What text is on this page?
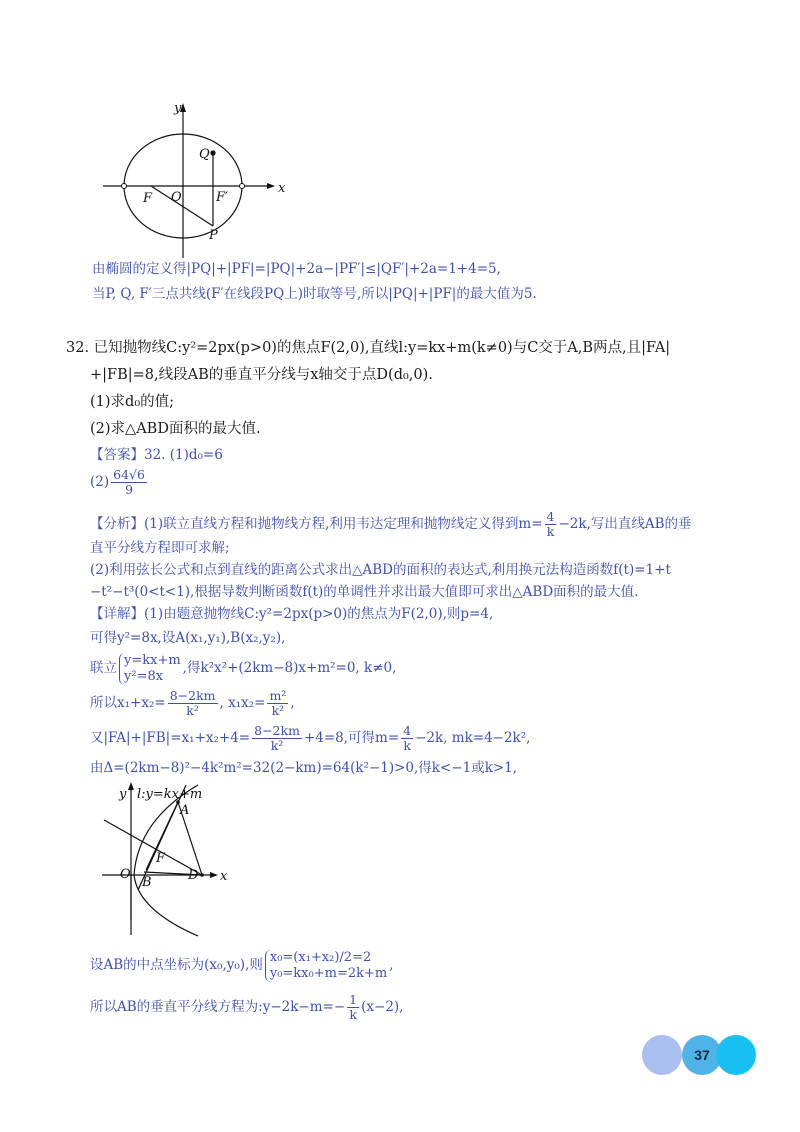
y
x
Q
F O	F′
P
由椭圆的定义得|PQ|+|PF|=|PQ|+2a−|PF′|≤|QF′|+2a=1+4=5,
当P, Q, F′三点共线(F′在线段PQ上)时取等号,所以|PQ|+|PF|的最大值为5.
32. 已知抛物线C:y²=2px(p>0)的焦点F(2,0),直线l:y=kx+m(k≠0)与C交于A,B两点,且|FA|
+|FB|=8,线段AB的垂直平分线与x轴交于点D(d₀,0).
(1)求d₀的值;
(2)求△ABD面积的最大值.
【答案】32. (1)d₀=6
$(2) \frac{64√6}{9}$
【分析】(1)联立直线方程和抛物线方程,利用韦达定理和抛物线定义得到$m= \frac{4}{k} -2k$,写出直线AB的垂
直平分线方程即可求解;
(2)利用弦长公式和点到直线的距离公式求出△ABD的面积的表达式,利用换元法构造函数f(t)=1+t
−t²−t³(0<t<1),根据导数判断函数f(t)的单调性并求出最大值即可求出△ABD面积的最大值.
【详解】(1)由题意抛物线C:y²=2px(p>0)的焦点为F(2,0),则p=4,
可得y²=8x,设A(x₁,y₁),B(x₂,y₂),
联立 y=kx+m
y²=8x	,得k²x²+(2km−8)x+m²=0, k≠0,
所以$x_1+x_2= \frac{8-2km}{\text{k²}}$ , $x_1x_2= \frac{\text{m²}}{\text{k²}}$ ,
又$|FA|+|FB|=x_1+x_2+4= \frac{8-2km}{\text{k²}} +4=8$,可得$m= \frac{4}{k} -2k$, mk=4−2k²,
由Δ=(2km−8)²−4k²m²=32(2−km)=64(k²−1)>0,得k<−1或k>1,
y
x
l:y=kx+m
A
F
O
B	D
设AB的中点坐标为(x₀,y₀),则 x₀=(x₁+x₂)/2=2
y₀=kx₀+m=2k+m ,
所以AB的垂直平分线方程为:y−2k−m=− $\frac{1}{k} (x-2)$,
37
